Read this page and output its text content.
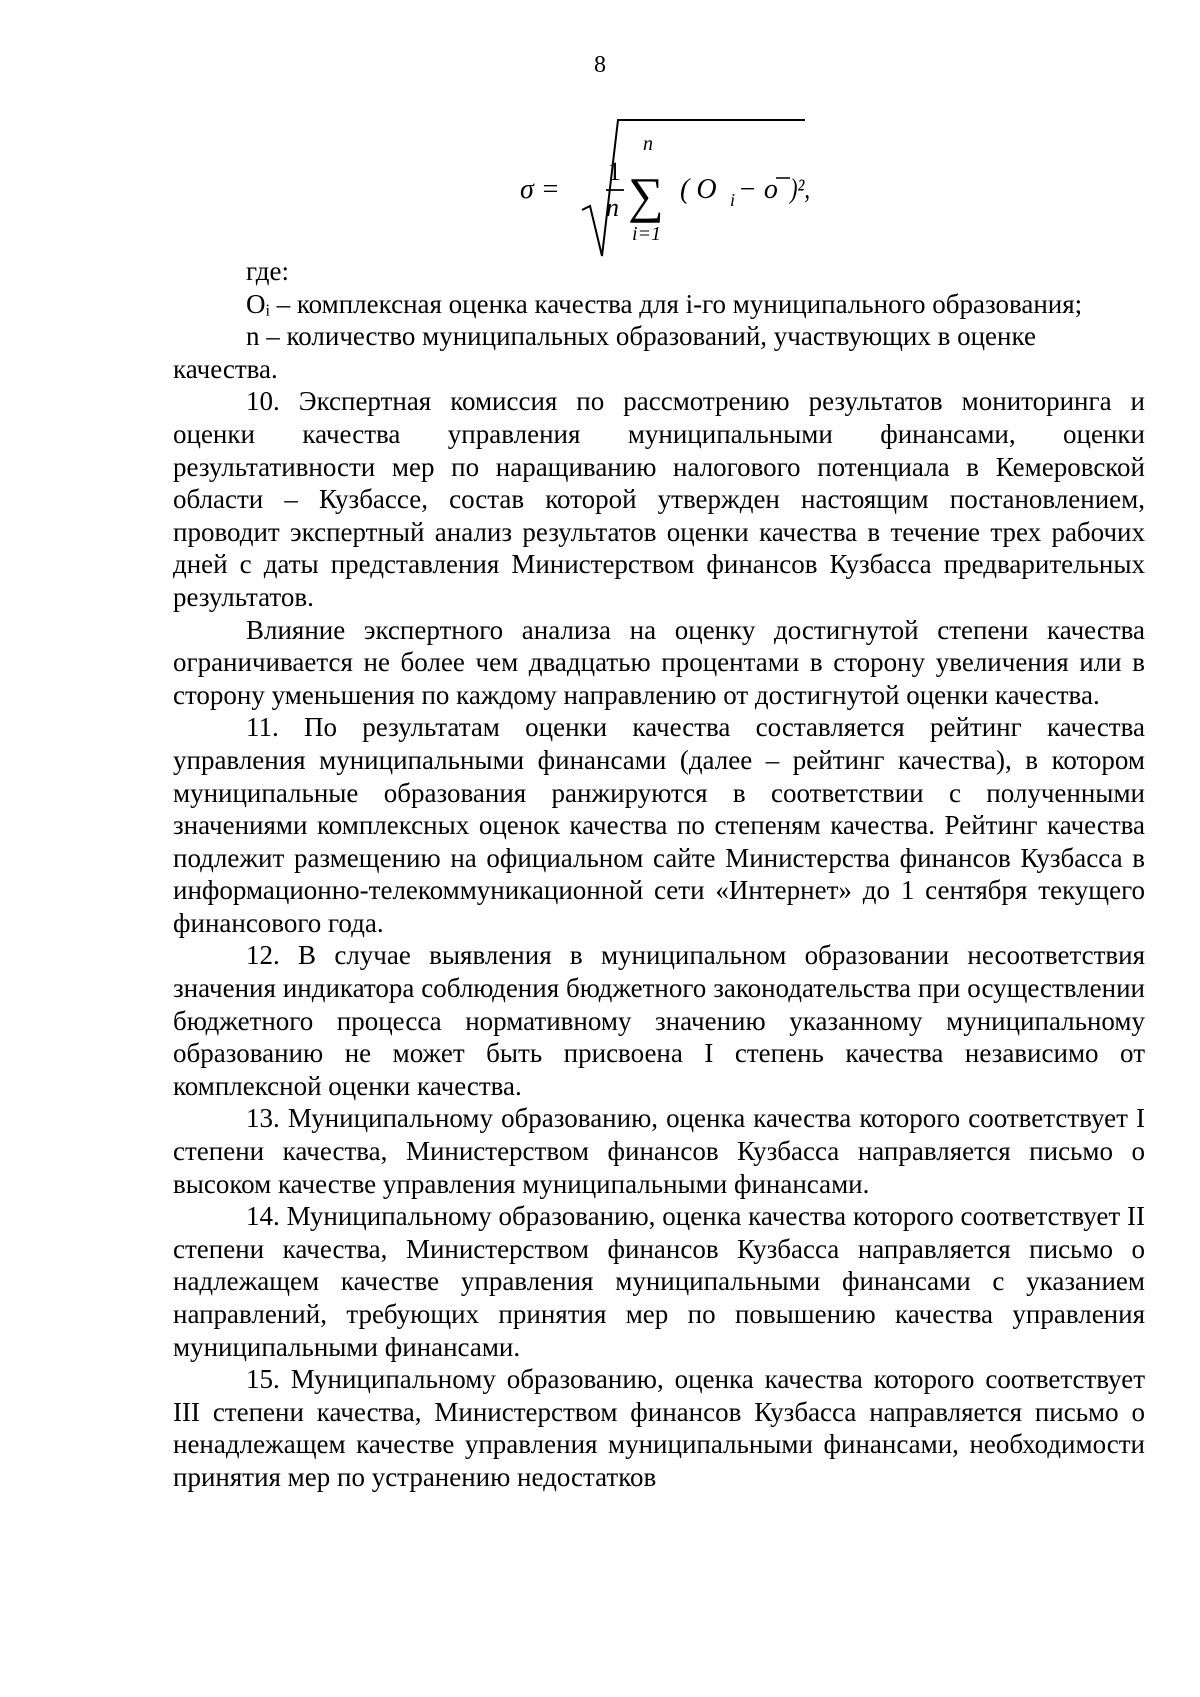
8
σ =
1
n
n
∑
i=1
( O i − o )²,

где:

Oᵢ – комплексная оценка качества для i-го муниципального образования;

n – количество муниципальных образований, участвующих в оценке

качества.

10. Экспертная комиссия по рассмотрению результатов мониторинга и оценки качества управления муниципальными финансами, оценки результативности мер по наращиванию налогового потенциала в Кемеровской области – Кузбассе, состав которой утвержден настоящим постановлением, проводит экспертный анализ результатов оценки качества в течение трех рабочих дней с даты представления Министерством финансов Кузбасса предварительных результатов.

Влияние экспертного анализа на оценку достигнутой степени качества ограничивается не более чем двадцатью процентами в сторону увеличения или в сторону уменьшения по каждому направлению от достигнутой оценки качества.

11. По результатам оценки качества составляется рейтинг качества управления муниципальными финансами (далее – рейтинг качества), в котором муниципальные образования ранжируются в соответствии с полученными значениями комплексных оценок качества по степеням качества. Рейтинг качества подлежит размещению на официальном сайте Министерства финансов Кузбасса в информационно-телекоммуникационной сети «Интернет» до 1 сентября текущего финансового года.

12. В случае выявления в муниципальном образовании несоответствия значения индикатора соблюдения бюджетного законодательства при осуществлении бюджетного процесса нормативному значению указанному муниципальному образованию не может быть присвоена I степень качества независимо от комплексной оценки качества.

13. Муниципальному образованию, оценка качества которого соответствует I степени качества, Министерством финансов Кузбасса направляется письмо о высоком качестве управления муниципальными финансами.

14. Муниципальному образованию, оценка качества которого соответствует II степени качества, Министерством финансов Кузбасса направляется письмо о надлежащем качестве управления муниципальными финансами с указанием направлений, требующих принятия мер по повышению качества управления муниципальными финансами.

15. Муниципальному образованию, оценка качества которого соответствует III степени качества, Министерством финансов Кузбасса направляется письмо о ненадлежащем качестве управления муниципальными финансами, необходимости принятия мер по устранению недостатков
